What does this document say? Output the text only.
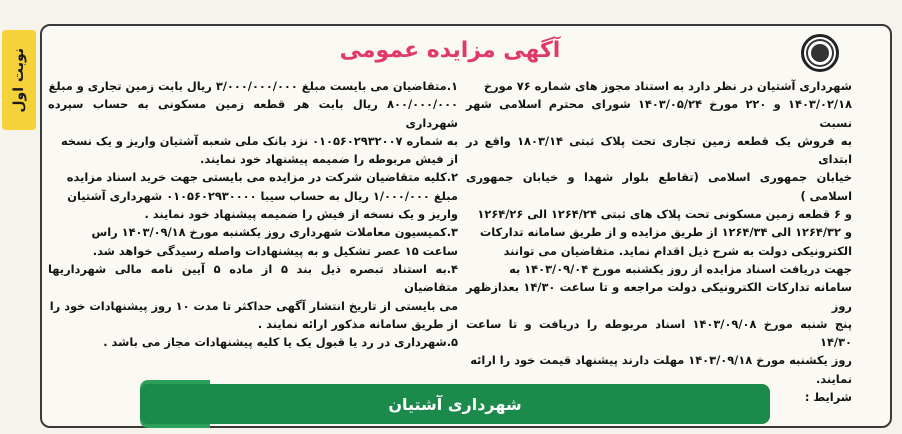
نوبت اول	آگهی مزایده عمومی

شهرداری آشتیان در نظر دارد به استناد مجوز های شماره ۷۶ مورخ

۱۴۰۳/۰۲/۱۸ و ۲۲۰ مورخ ۱۴۰۳/۰۵/۲۴ شورای محترم اسلامی شهر نسبت

به فروش یک قطعه زمین تجاری تحت پلاک ثبتی ۱۸۰۳/۱۴ واقع در ابتدای

خیابان جمهوری اسلامی (تقاطع بلوار شهدا و خیابان جمهوری اسلامی )

و ۶ قطعه زمین مسکونی تحت پلاک های ثبتی ۱۲۶۴/۲۴ الی ۱۲۶۴/۲۶

و ۱۲۶۴/۳۲ الی ۱۲۶۴/۳۴ از طریق مزایده و از طریق سامانه تدارکات

الکترونیکی دولت به شرح ذیل اقدام نماید. متقاضیان می توانند

جهت دریافت اسناد مزایده از روز یکشنبه مورخ ۱۴۰۳/۰۹/۰۴ به

سامانه تدارکات الکترونیکی دولت مراجعه و تا ساعت ۱۴/۳۰ بعدازظهر روز

پنج شنبه مورخ ۱۴۰۳/۰۹/۰۸ اسناد مربوطه را دریافت و تا ساعت ۱۴/۳۰

روز یکشنبه مورخ ۱۴۰۳/۰۹/۱۸ مهلت دارند پیشنهاد قیمت خود را ارائه

نمایند.

شرایط :

۱.متقاضیان می بایست مبلغ ۳/۰۰۰/۰۰۰/۰۰۰ ریال بابت زمین تجاری و مبلغ

۸۰۰/۰۰۰/۰۰۰ ریال بابت هر قطعه زمین مسکونی به حساب سپرده شهرداری

به شماره ۰۱۰۵۶۰۲۹۳۲۰۰۷ نزد بانک ملی شعبه آشتیان واریز و یک نسخه

از فیش مربوطه را ضمیمه پیشنهاد خود نمایند.

۲.کلیه متقاضیان شرکت در مزایده می بایستی جهت خرید اسناد مزایده

مبلغ ۱/۰۰۰/۰۰۰ ریال به حساب سیبا ۰۱۰۵۶۰۲۹۳۰۰۰۰ شهرداری آشتیان

واریز و یک نسخه از فیش را ضمیمه پیشنهاد خود نمایند .

۳.کمیسیون معاملات شهرداری روز یکشنبه مورخ ۱۴۰۳/۰۹/۱۸ راس

ساعت ۱۵ عصر تشکیل و به پیشنهادات واصله رسیدگی خواهد شد.

۴.به استناد تبصره ذیل بند ۵ از ماده ۵ آیین نامه مالی شهرداریها متقاضیان

می بایستی از تاریخ انتشار آگهی حداکثر تا مدت ۱۰ روز پیشنهادات خود را

از طریق سامانه مذکور ارائه نمایند .

۵.شهرداری در رد یا قبول یک یا کلیه پیشنهادات مجاز می باشد .

شهرداری آشتیان
